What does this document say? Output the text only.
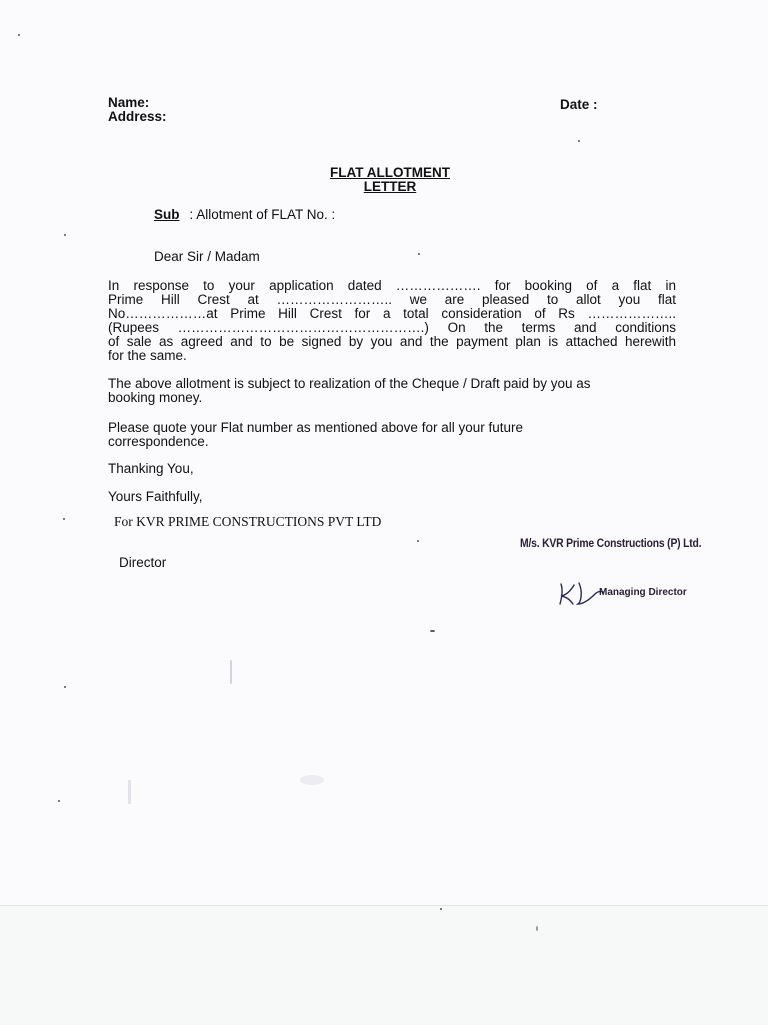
Name:
Address:
Date :
FLAT ALLOTMENT
LETTER
Sub : Allotment of FLAT No. :
Dear Sir / Madam
In response to your application dated ………………. for booking of a flat in
Prime Hill Crest at …………………….. we are pleased to allot you flat
No………………at Prime Hill Crest for a total consideration of Rs ………………..
(Rupees ……………………………………………….) On the terms and conditions
of sale as agreed and to be signed by you and the payment plan is attached herewith
for the same.
The above allotment is subject to realization of the Cheque / Draft paid by you as
booking money.
Please quote your Flat number as mentioned above for all your future
correspondence.
Thanking You,
Yours Faithfully,
For KVR PRIME CONSTRUCTIONS PVT LTD
Director
M/s. KVR Prime Constructions (P) Ltd.
Managing Director
